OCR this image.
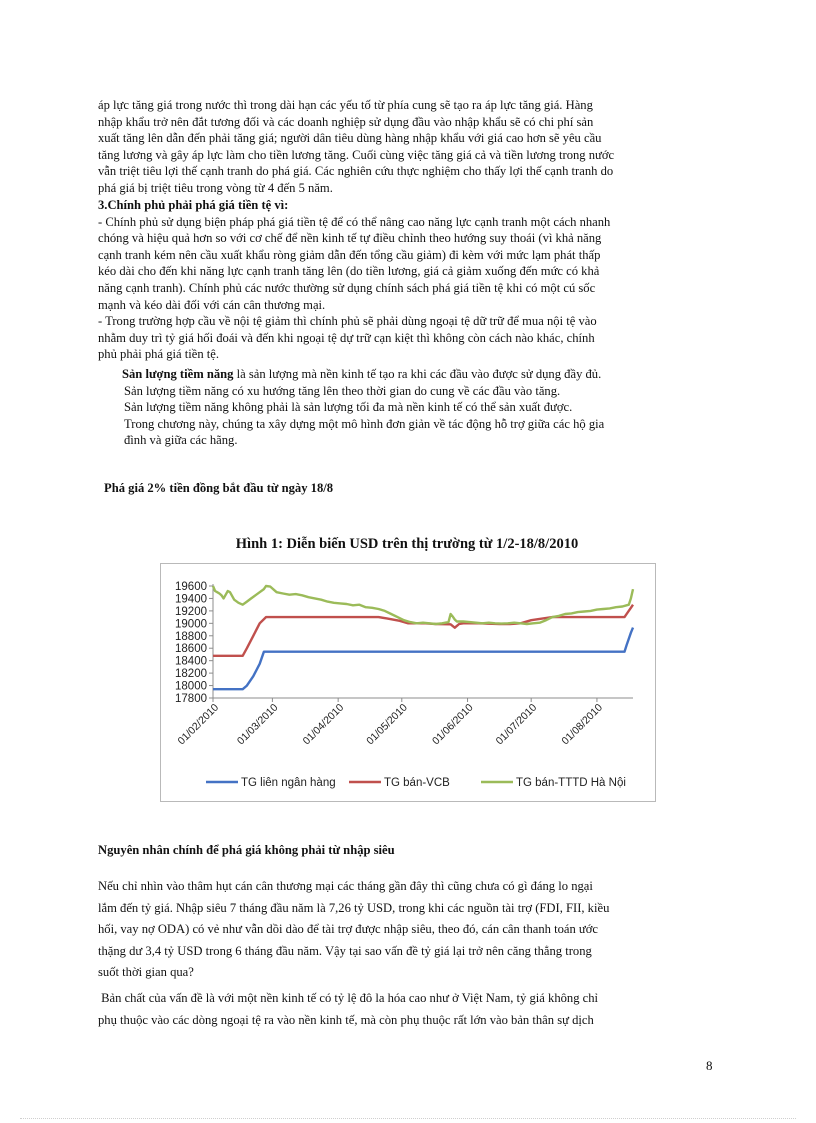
áp lực tăng giá trong nước thì trong dài hạn các yếu tố từ phía cung sẽ tạo ra áp lực tăng giá. Hàng
nhập khẩu trở nên đắt tương đối và các doanh nghiệp sử dụng đầu vào nhập khẩu sẽ có chi phí sản
xuất tăng lên dẫn đến phải tăng giá; người dân tiêu dùng hàng nhập khẩu với giá cao hơn sẽ yêu cầu
tăng lương và gây áp lực làm cho tiền lương tăng. Cuối cùng việc tăng giá cả và tiền lương trong nước
vẫn triệt tiêu lợi thế cạnh tranh do phá giá. Các nghiên cứu thực nghiệm cho thấy lợi thế cạnh tranh do
phá giá bị triệt tiêu trong vòng từ 4 đến 5 năm.
3.Chính phủ phải phá giá tiền tệ vì:
- Chính phủ sử dụng biện pháp phá giá tiền tệ để có thể nâng cao năng lực cạnh tranh một cách nhanh
chóng và hiệu quả hơn so với cơ chế để nền kinh tế tự điều chỉnh theo hướng suy thoái (vì khả năng
cạnh tranh kém nên cầu xuất khẩu ròng giảm dẫn đến tổng cầu giảm) đi kèm với mức lạm phát thấp
kéo dài cho đến khi năng lực cạnh tranh tăng lên (do tiền lương, giá cả giảm xuống đến mức có khả
năng cạnh tranh). Chính phủ các nước thường sử dụng chính sách phá giá tiền tệ khi có một cú sốc
mạnh và kéo dài đối với cán cân thương mại.
- Trong trường hợp cầu về nội tệ giảm thì chính phủ sẽ phải dùng ngoại tệ dữ trữ để mua nội tệ vào
nhằm duy trì tỷ giá hối đoái và đến khi ngoại tệ dự trữ cạn kiệt thì không còn cách nào khác, chính
phủ phải phá giá tiền tệ.
Sản lượng tiềm năng là sản lượng mà nền kinh tế tạo ra khi các đầu vào được sử dụng đầy đủ.
Sản lượng tiềm năng có xu hướng tăng lên theo thời gian do cung về các đầu vào tăng.
Sản lượng tiềm năng không phải là sản lượng tối đa mà nền kinh tế có thể sản xuất được.
Trong chương này, chúng ta xây dựng một mô hình đơn giản về tác động hỗ trợ giữa các hộ gia
đình và giữa các hãng.

Phá giá 2% tiền đồng bắt đầu từ ngày 18/8

Hình 1: Diễn biến USD trên thị trường từ 1/2-18/8/2010
17800
18000
18200
18400
18600
18800
19000
19200
19400
19600
01/02/2010 01/03/2010 01/04/2010 01/05/2010 01/06/2010 01/07/2010 01/08/2010
TG liên ngân hàng	TG bán-VCB	TG bán-TTTD Hà Nội

Nguyên nhân chính để phá giá không phải từ nhập siêu

Nếu chỉ nhìn vào thâm hụt cán cân thương mại các tháng gần đây thì cũng chưa có gì đáng lo ngại
lắm đến tỷ giá. Nhập siêu 7 tháng đầu năm là 7,26 tỷ USD, trong khi các nguồn tài trợ (FDI, FII, kiều
hối, vay nợ ODA) có vẻ như vẫn dồi dào để tài trợ được nhập siêu, theo đó, cán cân thanh toán ước
thặng dư 3,4 tỷ USD trong 6 tháng đầu năm. Vậy tại sao vấn đề tỷ giá lại trở nên căng thẳng trong
suốt thời gian qua?
Bản chất của vấn đề là với một nền kinh tế có tỷ lệ đô la hóa cao như ở Việt Nam, tỷ giá không chỉ
phụ thuộc vào các dòng ngoại tệ ra vào nền kinh tế, mà còn phụ thuộc rất lớn vào bản thân sự dịch
8
